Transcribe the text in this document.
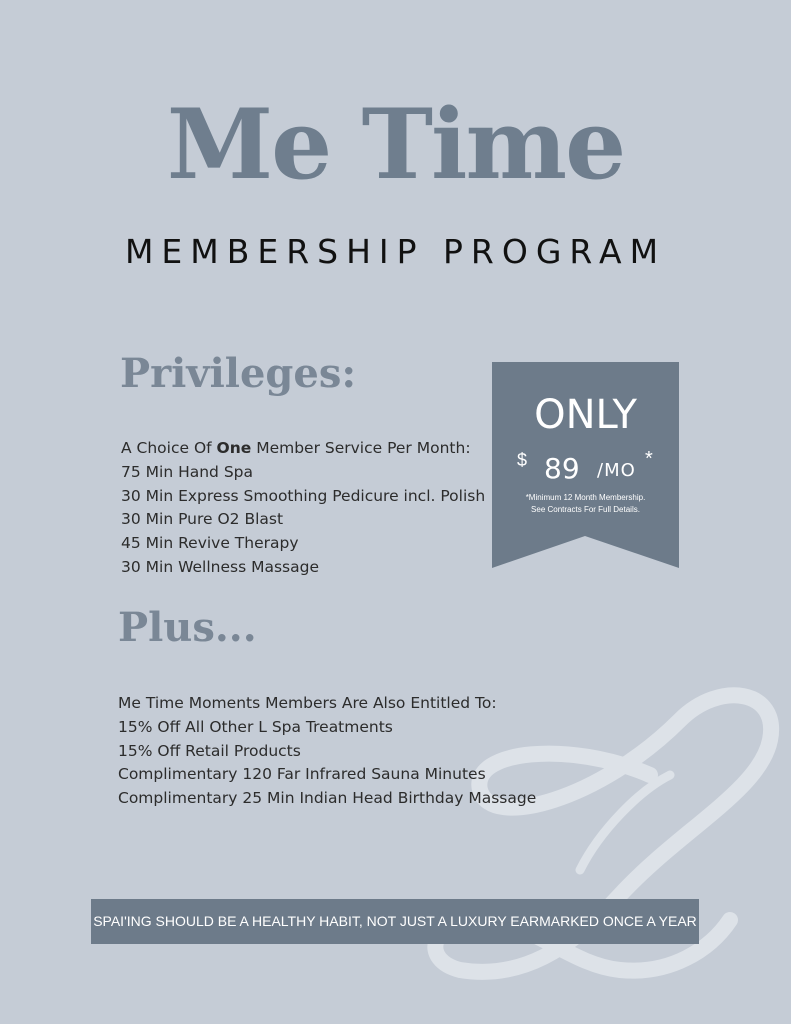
Me Time
MEMBERSHIP PROGRAM
Privileges:
A Choice Of One Member Service Per Month:
75 Min Hand Spa
30 Min Express Smoothing Pedicure incl. Polish
30 Min Pure O2 Blast
45 Min Revive Therapy
30 Min Wellness Massage
ONLY
$ 89 /MO
*
*Minimum 12 Month Membership.
See Contracts For Full Details.
Plus...
Me Time Moments Members Are Also Entitled To:
15% Off All Other L Spa Treatments
15% Off Retail Products
Complimentary 120 Far Infrared Sauna Minutes
Complimentary 25 Min Indian Head Birthday Massage
SPAI'ING SHOULD BE A HEALTHY HABIT, NOT JUST A LUXURY EARMARKED ONCE A YEAR
